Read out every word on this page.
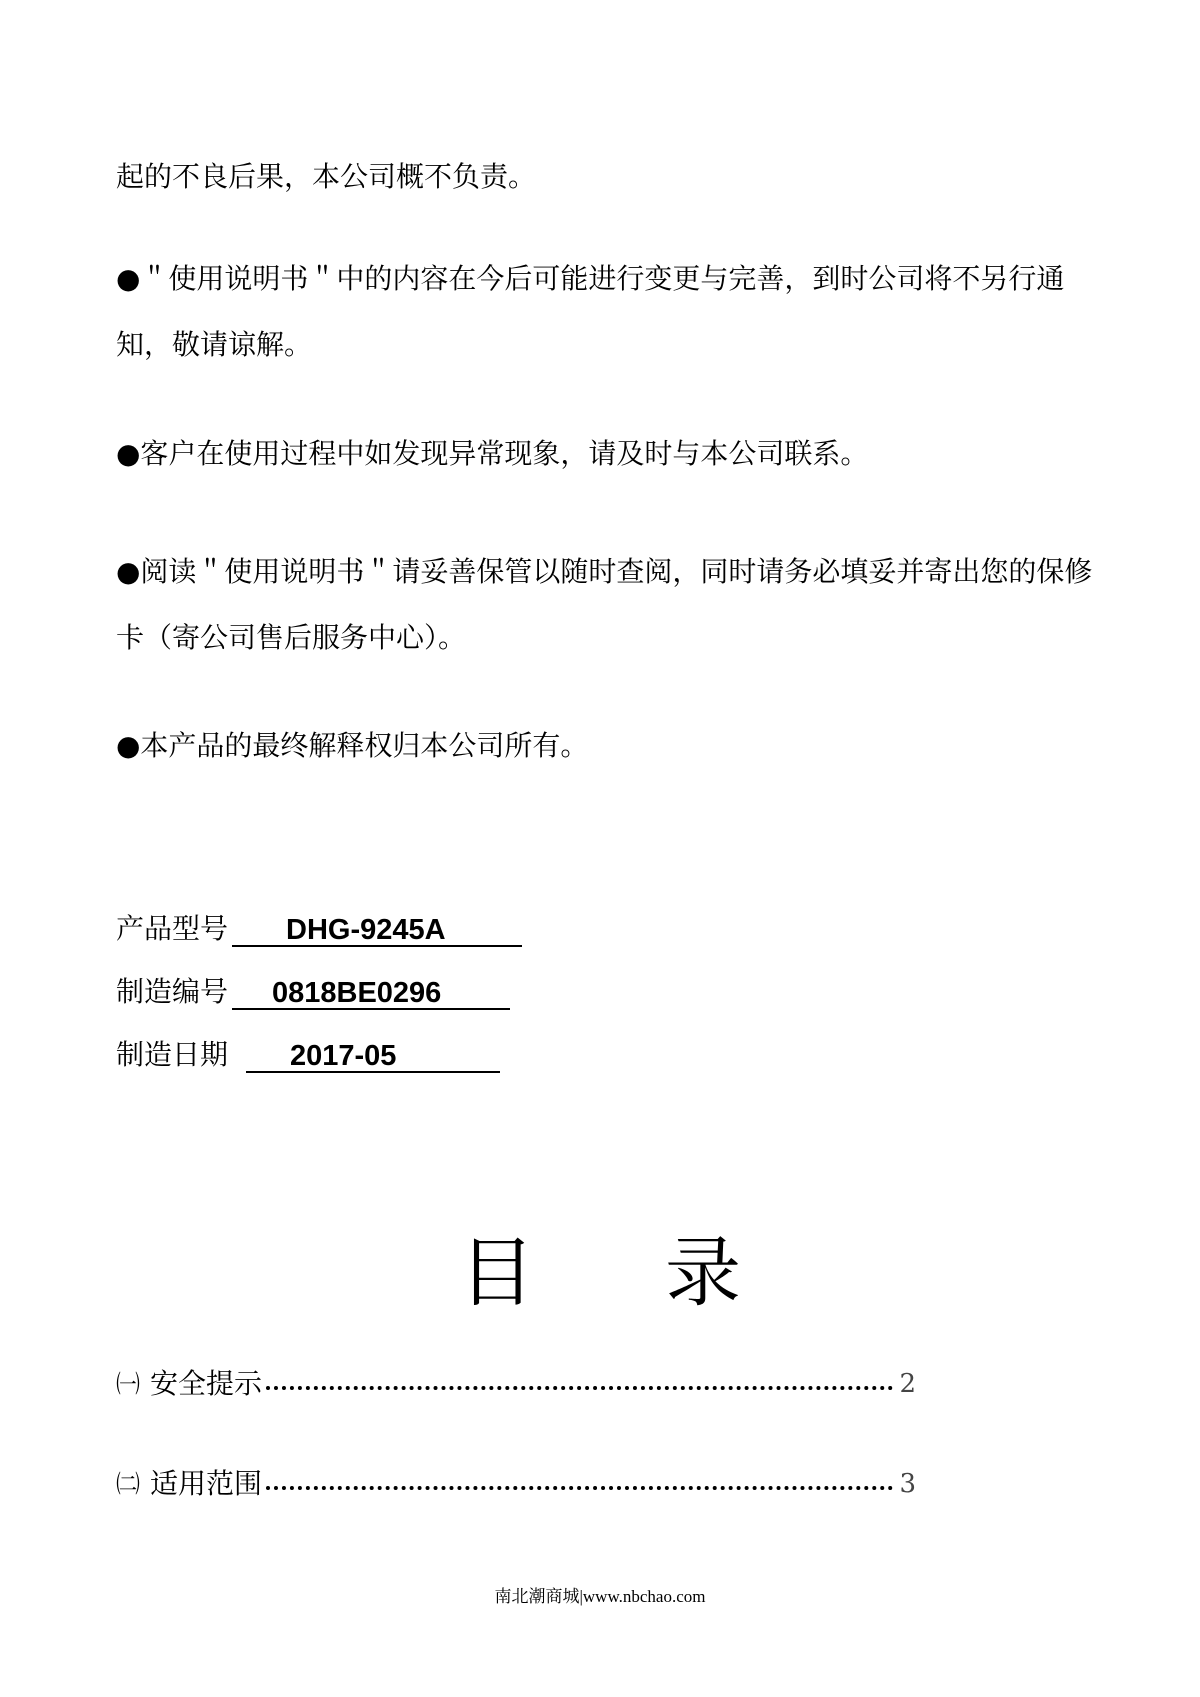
起的不良后果，本公司概不负责。

●＂使用说明书＂中的内容在今后可能进行变更与完善，到时公司将不另行通知，敬请谅解。

●客户在使用过程中如发现异常现象，请及时与本公司联系。

●阅读＂使用说明书＂请妥善保管以随时查阅，同时请务必填妥并寄出您的保修卡（寄公司售后服务中心）。

●本产品的最终解释权归本公司所有。

产品型号	DHG-9245A
制造编号	0818BE0296
制造日期	2017-05
目 录
㈠ 安全提示	2
㈡ 适用范围	3
南北潮商城|www.nbchao.com
